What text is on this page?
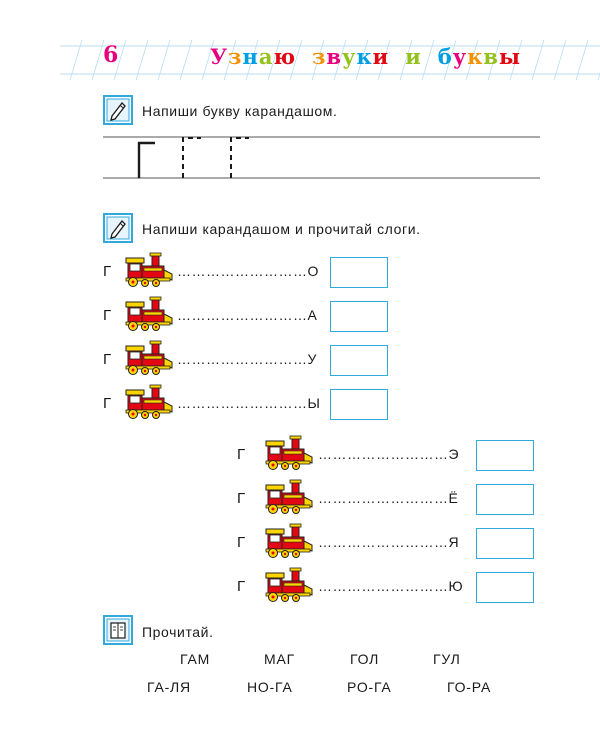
6	Узнаю звуки и буквы
Напиши букву карандашом.
Напиши карандашом и прочитай слоги.
Г	………………………О
Г	………………………А
Г	………………………У
Г	………………………Ы
Г	………………………Э
Г	………………………Ё
Г	………………………Я
Г	………………………Ю
Прочитай.
ГАМ	МАГ	ГОЛ	ГУЛ
ГА-ЛЯ	НО-ГА	РО-ГА	ГО-РА
